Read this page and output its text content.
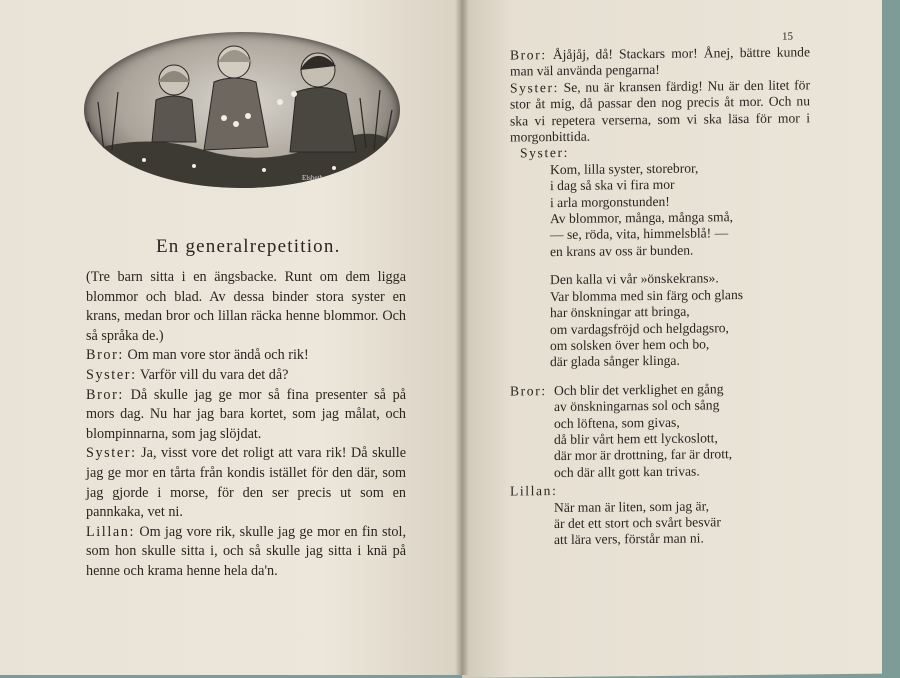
Elsbeth
En generalrepetition.

(Tre barn sitta i en ängsbacke. Runt om dem ligga blommor och blad. Av dessa binder stora syster en krans, medan bror och lillan räcka henne blommor. Och så språka de.)

Bror: Om man vore stor ändå och rik!

Syster: Varför vill du vara det då?

Bror: Då skulle jag ge mor så fina presenter så på mors dag. Nu har jag bara kortet, som jag målat, och blompinnarna, som jag slöjdat.

Syster: Ja, visst vore det roligt att vara rik! Då skulle jag ge mor en tårta från kondis istället för den där, som jag gjorde i morse, för den ser precis ut som en pannkaka, vet ni.

Lillan: Om jag vore rik, skulle jag ge mor en fin stol, som hon skulle sitta i, och så skulle jag sitta i knä på henne och krama henne hela da'n.

15

Bror: Åjåjåj, då! Stackars mor! Ånej, bättre kunde man väl använda pengarna!

Syster: Se, nu är kransen färdig! Nu är den litet för stor åt mig, då passar den nog precis åt mor. Och nu ska vi repetera verserna, som vi ska läsa för mor i morgonbittida.

Syster:
Kom, lilla syster, storebror,
i dag så ska vi fira mor
i arla morgonstunden!
Av blommor, många, många små,
— se, röda, vita, himmelsblå! —
en krans av oss är bunden.
Den kalla vi vår »önskekrans».
Var blomma med sin färg och glans
har önskningar att bringa,
om vardagsfröjd och helgdagsro,
om solsken över hem och bo,
där glada sånger klinga.
Bror: Och blir det verklighet en gång
av önskningarnas sol och sång
och löftena, som givas,
då blir vårt hem ett lyckoslott,
där mor är drottning, far är drott,
och där allt gott kan trivas.
Lillan:
När man är liten, som jag är,
är det ett stort och svårt besvär
att lära vers, förstår man ni.
